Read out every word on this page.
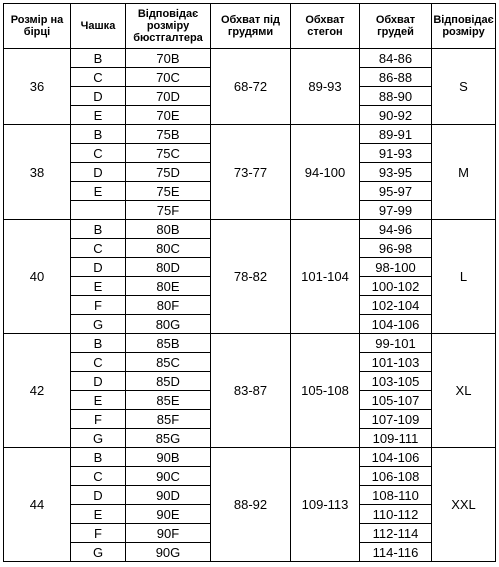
Розмір на бірці	Чашка	Відповідає розміру бюстгалтера	Обхват під грудями	Обхват стегон	Обхват грудей	Відповідає розміру
36	B	70B	68-72	89-93	84-86	S
	C	70C			86-88	
	D	70D			88-90	
	E	70E			90-92	
38	B	75B	73-77	94-100	89-91	M
	C	75C			91-93	
	D	75D			93-95	
	E	75E			95-97	
		75F			97-99	
40	B	80B	78-82	101-104	94-96	L
	C	80C			96-98	
	D	80D			98-100	
	E	80E			100-102	
	F	80F			102-104	
	G	80G			104-106	
42	B	85B	83-87	105-108	99-101	XL
	C	85C			101-103	
	D	85D			103-105	
	E	85E			105-107	
	F	85F			107-109	
	G	85G			109-111	
44	B	90B	88-92	109-113	104-106	XXL
	C	90C			106-108	
	D	90D			108-110	
	E	90E			110-112	
	F	90F			112-114	
	G	90G			114-116	
